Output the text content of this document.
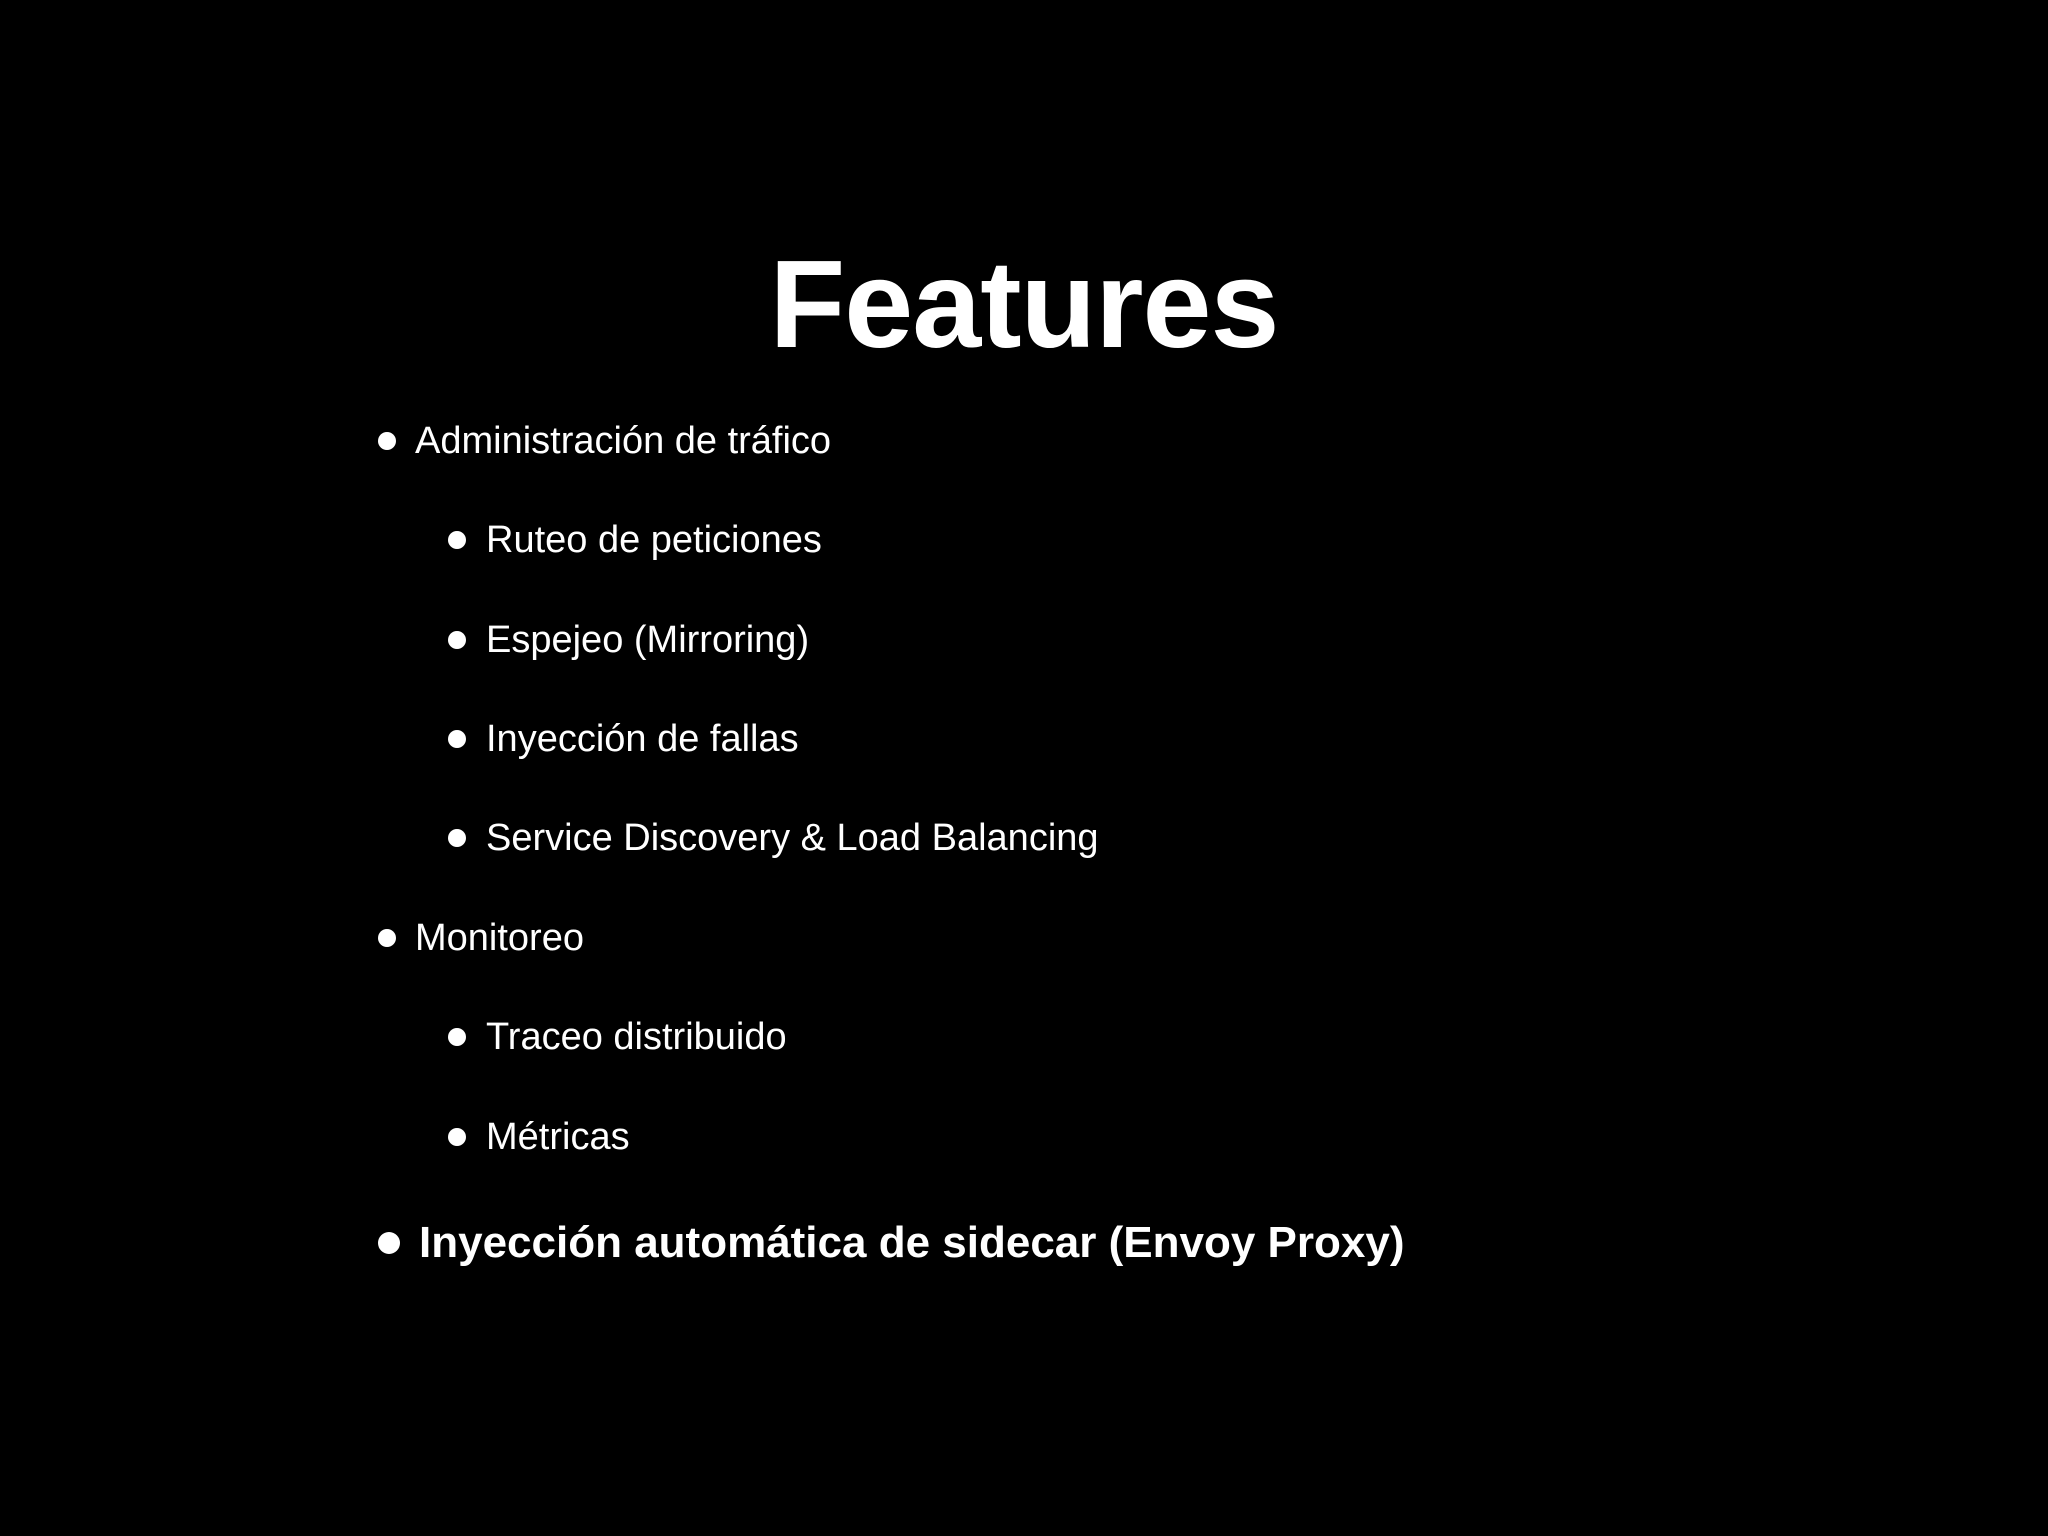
Features
Administración de tráfico
Ruteo de peticiones
Espejeo (Mirroring)
Inyección de fallas
Service Discovery & Load Balancing
Monitoreo
Traceo distribuido
Métricas
Inyección automática de sidecar (Envoy Proxy)
